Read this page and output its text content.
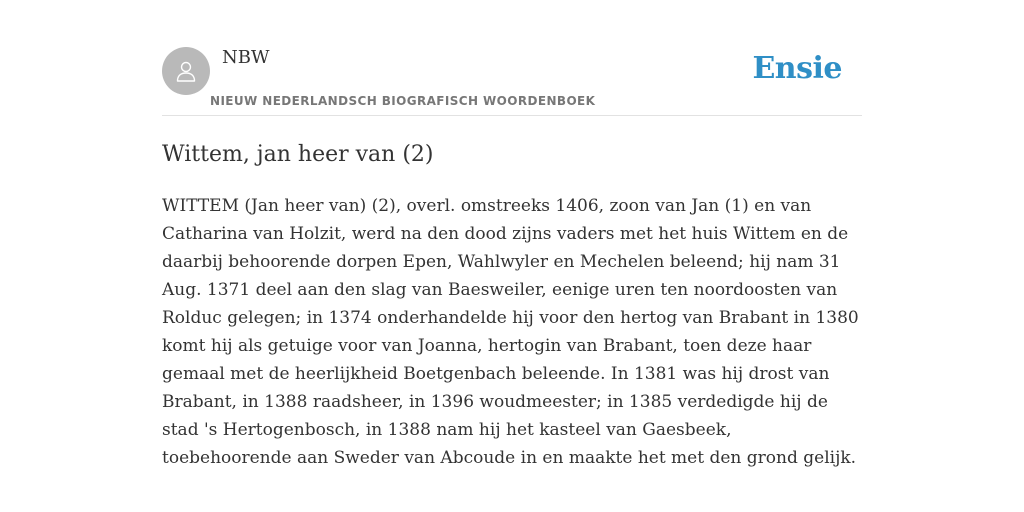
NBW
NIEUW NEDERLANDSCH BIOGRAFISCH WOORDENBOEK
Ensie
Wittem, jan heer van (2)

WITTEM (Jan heer van) (2), overl. omstreeks 1406, zoon van Jan (1) en van Catharina van Holzit, werd na den dood zijns vaders met het huis Wittem en de daarbij behoorende dorpen Epen, Wahlwyler en Mechelen beleend; hij nam 31 Aug. 1371 deel aan den slag van Baesweiler, eenige uren ten noordoosten van Rolduc gelegen; in 1374 onderhandelde hij voor den hertog van Brabant in 1380 komt hij als getuige voor van Joanna, hertogin van Brabant, toen deze haar gemaal met de heerlijkheid Boetgenbach beleende. In 1381 was hij drost van Brabant, in 1388 raadsheer, in 1396 woudmeester; in 1385 verdedigde hij de stad 's Hertogenbosch, in 1388 nam hij het kasteel van Gaesbeek, toebehoorende aan Sweder van Abcoude in en maakte het met den grond gelijk.
